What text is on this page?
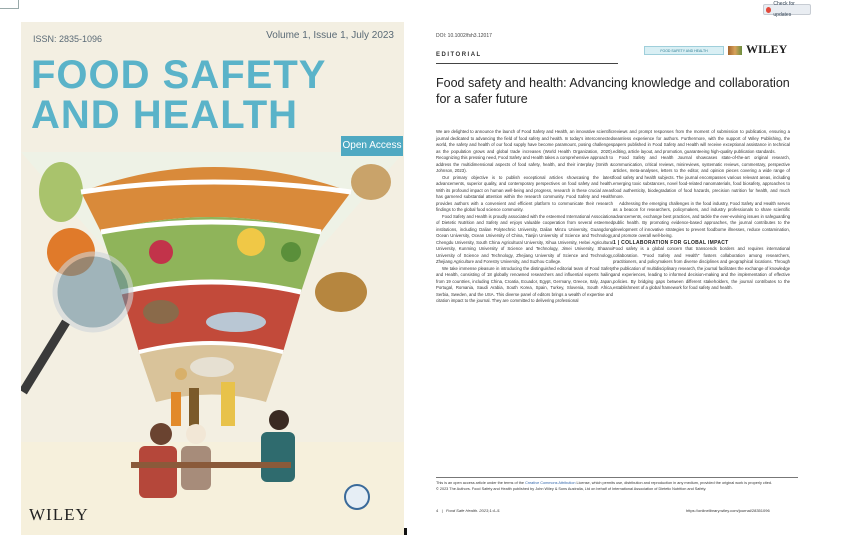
Check for updates
ISSN: 2835-1096	Volume 1, Issue 1, July 2023
FOOD SAFETY
AND HEALTH
Open Access
WILEY
DOI: 10.1002/fsh3.12017
EDITORIAL
FOOD SAFETY AND HEALTH	WILEY
Food safety and health: Advancing knowledge and collaboration for a safer future

We are delighted to announce the launch of Food Safety and Health, an innovative scientific journal dedicated to advancing the field of food safety and health. In today's interconnected world, the safety and health of our food supply have become paramount, posing challenges as the population grows and global trade increases (World Health Organization, 2020). Recognizing this pressing need, Food Safety and Health takes a comprehensive approach to address the multidimensional aspects of food safety, health, and their interplay (Smith & Johnson, 2023).

Our primary objective is to publish exceptional articles showcasing the latest advancements, superior quality, and contemporary perspectives on food safety and health. With its profound impact on human well-being and progress, research in these crucial areas has garnered substantial attention within the research community. Food Safety and Health provides authors with a convenient and efficient platform to communicate their research findings to the global food science community.

Food Safety and Health is proudly associated with the esteemed International Association of Dietetic Nutrition and Safety and enjoys valuable cooperation from several esteemed institutions, including Dalian Polytechnic University, Dalian Minzu University, Guangdong Ocean University, Ocean University of China, Tianjin University of Science and Technology, Chengdu University, South China Agricultural University, Xihua University, Hebei Agricultural University, Kunming University of Science and Technology, Jimei University, Shaanxi University of Science and Technology, Zhejiang University of Science and Technology, Zhejiang Agriculture and Forestry University, and Suzhou College.

We take immense pleasure in introducing the distinguished editorial team of Food Safety and Health, consisting of 18 globally renowned researchers and influential experts hailing from 19 countries, including China, Croatia, Ecuador, Egypt, Germany, Greece, Italy, Japan, Portugal, Romania, Saudi Arabia, South Korea, Spain, Turkey, Slovenia, South Africa, Serbia, Sweden, and the USA. This diverse panel of editors brings a wealth of expertise and citation impact to the journal. They are committed to delivering professional

reviews and prompt responses from the moment of submission to publication, ensuring a seamless experience for authors. Furthermore, with the support of Wiley Publishing, the papers published in Food Safety and Health will receive exceptional assistance in technical editing, article layout, and promotion, guaranteeing high-quality publication standards.

Food Safety and Health Journal showcases state-of-the-art original research, communication, critical reviews, minireviews, systematic reviews, commentary, perspective articles, meta-analyses, letters to the editor, and opinion pieces covering a wide range of food safety and health subjects. The journal encompasses various relevant areas, including emerging toxic substances, novel food-related nanomaterials, food biosafety, approaches to food authenticity, biodegradation of food hazards, precision nutrition for health, and much more.

Addressing the emerging challenges in the food industry, Food Safety and Health serves as a beacon for researchers, policymakers, and industry professionals to share scientific advancements, exchange best practices, and tackle the ever-evolving issues in safeguarding public health. By promoting evidence-based approaches, the journal contributes to the development of innovative strategies to prevent foodborne illnesses, reduce contamination, and promote overall well-being.

1 | COLLABORATION FOR GLOBAL IMPACT

Food safety is a global concern that transcends borders and requires international collaboration. "Food Safety and Health" fosters collaboration among researchers, practitioners, and policymakers from diverse disciplines and geographical locations. Through the publication of multidisciplinary research, the journal facilitates the exchange of knowledge and experiences, leading to informed decision-making and the implementation of effective policies. By bridging gaps between different stakeholders, the journal contributes to the establishment of a global framework for food safety and health.

This is an open access article under the terms of the Creative Commons Attribution License, which permits use, distribution and reproduction in any medium, provided the original work is properly cited.
© 2023 The Authors. Food Safety and Health published by John Wiley & Sons Australia, Ltd on behalf of International Association of Dietetic Nutrition and Safety.
4   |   Food Safe Health. 2023;1:4–5.	https://onlinelibrary.wiley.com/journal/28351096
